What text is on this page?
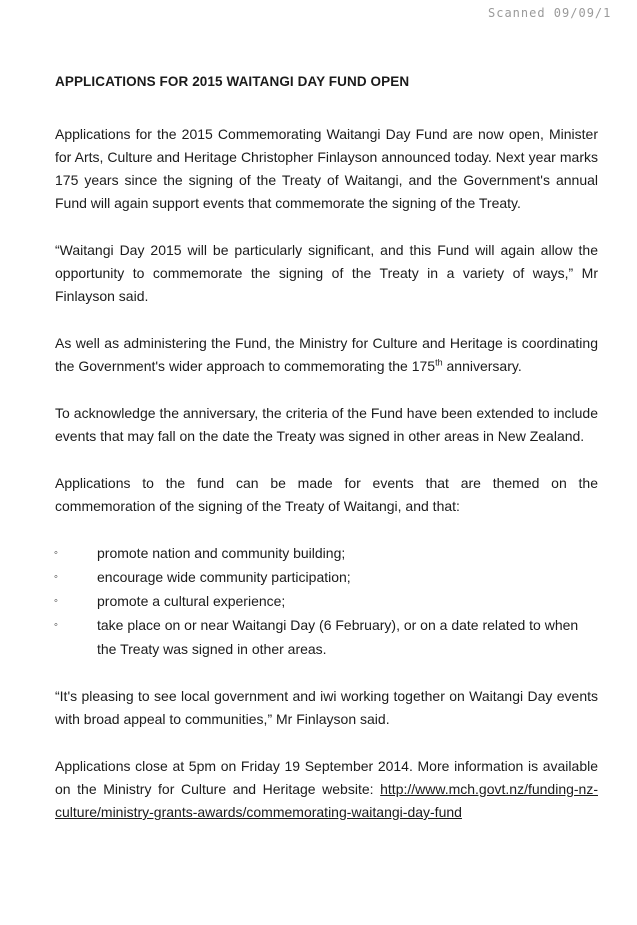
Scanned 09/09/1
APPLICATIONS FOR 2015 WAITANGI DAY FUND OPEN

Applications for the 2015 Commemorating Waitangi Day Fund are now open, Minister for Arts, Culture and Heritage Christopher Finlayson announced today. Next year marks 175 years since the signing of the Treaty of Waitangi, and the Government's annual Fund will again support events that commemorate the signing of the Treaty.

“Waitangi Day 2015 will be particularly significant, and this Fund will again allow the opportunity to commemorate the signing of the Treaty in a variety of ways,” Mr Finlayson said.

As well as administering the Fund, the Ministry for Culture and Heritage is coordinating the Government's wider approach to commemorating the 175th anniversary.

To acknowledge the anniversary, the criteria of the Fund have been extended to include events that may fall on the date the Treaty was signed in other areas in New Zealand.

Applications to the fund can be made for events that are themed on the commemoration of the signing of the Treaty of Waitangi, and that:

◦	promote nation and community building;
◦	encourage wide community participation;
◦	promote a cultural experience;
◦	take place on or near Waitangi Day (6 February), or on a date related to when the Treaty was signed in other areas.

“It's pleasing to see local government and iwi working together on Waitangi Day events with broad appeal to communities,” Mr Finlayson said.

Applications close at 5pm on Friday 19 September 2014. More information is available on the Ministry for Culture and Heritage website: http://www.mch.govt.nz/funding-nz-culture/ministry-grants-awards/commemorating-waitangi-day-fund
